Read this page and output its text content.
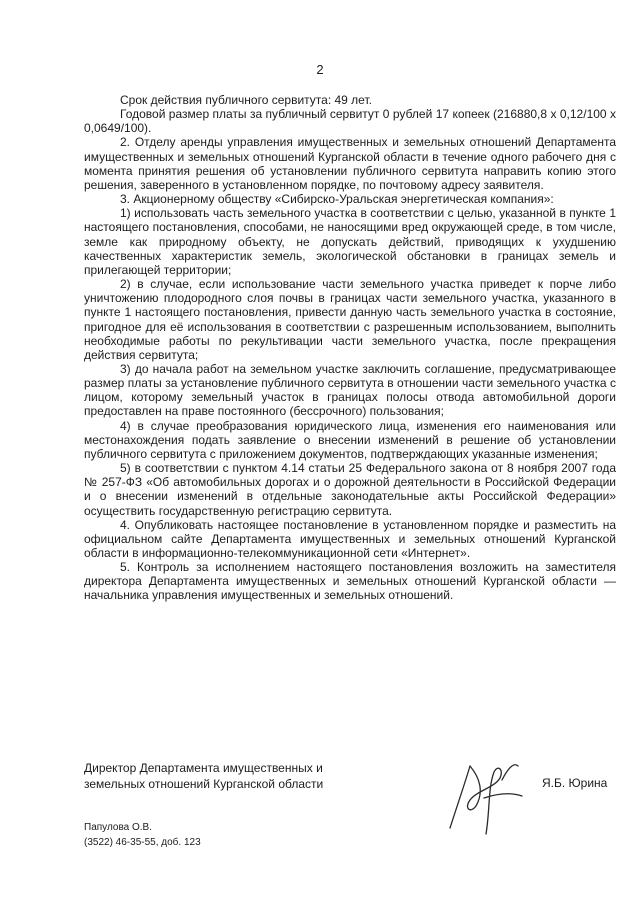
2

Срок действия публичного сервитута: 49 лет.

Годовой размер платы за публичный сервитут 0 рублей 17 копеек (216880,8 х 0,12/100 х 0,0649/100).

2. Отделу аренды управления имущественных и земельных отношений Департамента имущественных и земельных отношений Курганской области в течение одного рабочего дня с момента принятия решения об установлении публичного сервитута направить копию этого решения, заверенного в установленном порядке, по почтовому адресу заявителя.

3. Акционерному обществу «Сибирско-Уральская энергетическая компания»:

1) использовать часть земельного участка в соответствии с целью, указанной в пункте 1 настоящего постановления, способами, не наносящими вред окружающей среде, в том числе, земле как природному объекту, не допускать действий, приводящих к ухудшению качественных характеристик земель, экологической обстановки в границах земель и прилегающей территории;

2) в случае, если использование части земельного участка приведет к порче либо уничтожению плодородного слоя почвы в границах части земельного участка, указанного в пункте 1 настоящего постановления, привести данную часть земельного участка в состояние, пригодное для её использования в соответствии с разрешенным использованием, выполнить необходимые работы по рекультивации части земельного участка, после прекращения действия сервитута;

3) до начала работ на земельном участке заключить соглашение, предусматривающее размер платы за установление публичного сервитута в отношении части земельного участка с лицом, которому земельный участок в границах полосы отвода автомобильной дороги предоставлен на праве постоянного (бессрочного) пользования;

4) в случае преобразования юридического лица, изменения его наименования или местонахождения подать заявление о внесении изменений в решение об установлении публичного сервитута с приложением документов, подтверждающих указанные изменения;

5) в соответствии с пунктом 4.14 статьи 25 Федерального закона от 8 ноября 2007 года № 257-ФЗ «Об автомобильных дорогах и о дорожной деятельности в Российской Федерации и о внесении изменений в отдельные законодательные акты Российской Федерации» осуществить государственную регистрацию сервитута.

4. Опубликовать настоящее постановление в установленном порядке и разместить на официальном сайте Департамента имущественных и земельных отношений Курганской области в информационно-телекоммуникационной сети «Интернет».

5. Контроль за исполнением настоящего постановления возложить на заместителя директора Департамента имущественных и земельных отношений Курганской области — начальника управления имущественных и земельных отношений.

Директор Департамента имущественных и
земельных отношений Курганской области	Я.Б. Юрина
Папулова О.В.
(3522) 46-35-55, доб. 123
